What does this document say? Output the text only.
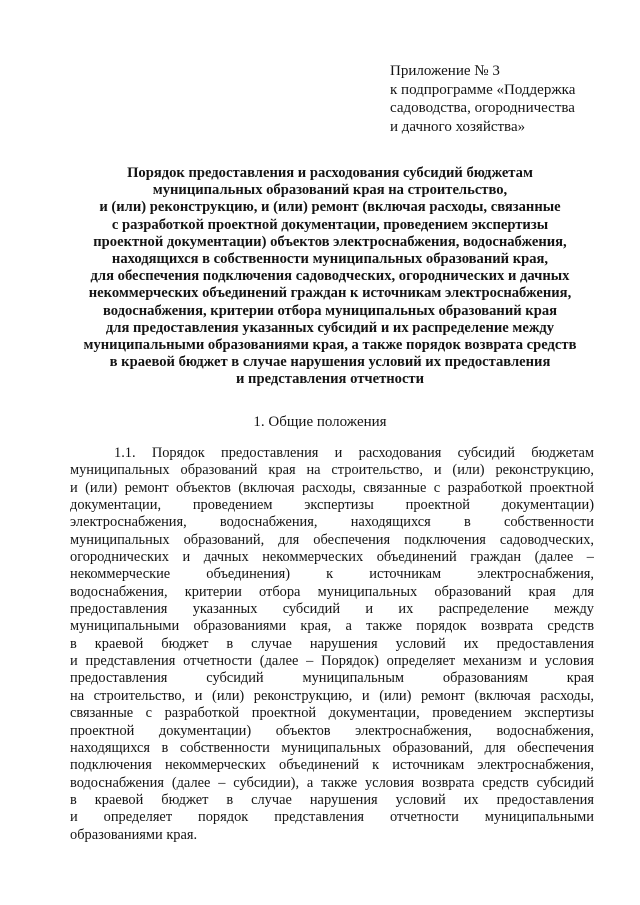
Приложение № 3
к подпрограмме «Поддержка
садоводства, огородничества
и дачного хозяйства»
Порядок предоставления и расходования субсидий бюджетам
муниципальных образований края на строительство,
и (или) реконструкцию, и (или) ремонт (включая расходы, связанные
с разработкой проектной документации, проведением экспертизы
проектной документации) объектов электроснабжения, водоснабжения,
находящихся в собственности муниципальных образований края,
для обеспечения подключения садоводческих, огороднических и дачных
некоммерческих объединений граждан к источникам электроснабжения,
водоснабжения, критерии отбора муниципальных образований края
для предоставления указанных субсидий и их распределение между
муниципальными образованиями края, а также порядок возврата средств
в краевой бюджет в случае нарушения условий их предоставления
и представления отчетности
1. Общие положения
1.1. Порядок предоставления и расходования субсидий бюджетам
муниципальных образований края на строительство, и (или) реконструкцию,
и (или) ремонт объектов (включая расходы, связанные с разработкой проектной
документации, проведением экспертизы проектной документации)
электроснабжения, водоснабжения, находящихся в собственности
муниципальных образований, для обеспечения подключения садоводческих,
огороднических и дачных некоммерческих объединений граждан (далее –
некоммерческие объединения) к источникам электроснабжения,
водоснабжения, критерии отбора муниципальных образований края для
предоставления указанных субсидий и их распределение между
муниципальными образованиями края, а также порядок возврата средств
в краевой бюджет в случае нарушения условий их предоставления
и представления отчетности (далее – Порядок) определяет механизм и условия
предоставления субсидий муниципальным образованиям края
на строительство, и (или) реконструкцию, и (или) ремонт (включая расходы,
связанные с разработкой проектной документации, проведением экспертизы
проектной документации) объектов электроснабжения, водоснабжения,
находящихся в собственности муниципальных образований, для обеспечения
подключения некоммерческих объединений к источникам электроснабжения,
водоснабжения (далее – субсидии), а также условия возврата средств субсидий
в краевой бюджет в случае нарушения условий их предоставления
и определяет порядок представления отчетности муниципальными
образованиями края.
